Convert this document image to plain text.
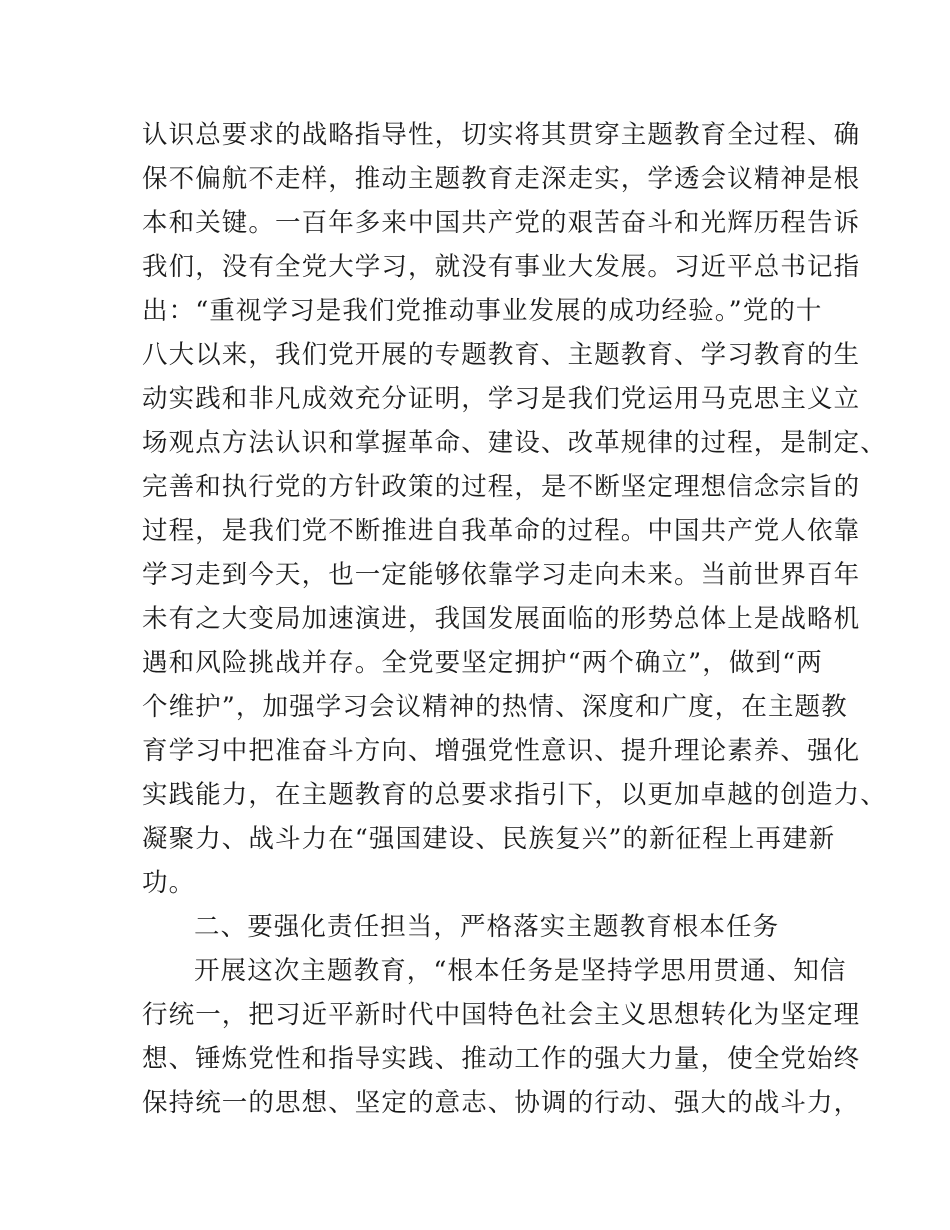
认识总要求的战略指导性，切实将其贯穿主题教育全过程、确
保不偏航不走样，推动主题教育走深走实，学透会议精神是根
本和关键。一百年多来中国共产党的艰苦奋斗和光辉历程告诉
我们，没有全党大学习，就没有事业大发展。习近平总书记指
出：“重视学习是我们党推动事业发展的成功经验。”党的十
八大以来，我们党开展的专题教育、主题教育、学习教育的生
动实践和非凡成效充分证明，学习是我们党运用马克思主义立
场观点方法认识和掌握革命、建设、改革规律的过程，是制定、
完善和执行党的方针政策的过程，是不断坚定理想信念宗旨的
过程，是我们党不断推进自我革命的过程。中国共产党人依靠
学习走到今天，也一定能够依靠学习走向未来。当前世界百年
未有之大变局加速演进，我国发展面临的形势总体上是战略机
遇和风险挑战并存。全党要坚定拥护“两个确立”，做到“两
个维护”，加强学习会议精神的热情、深度和广度，在主题教
育学习中把准奋斗方向、增强党性意识、提升理论素养、强化
实践能力，在主题教育的总要求指引下，以更加卓越的创造力、
凝聚力、战斗力在“强国建设、民族复兴”的新征程上再建新
功。
二、要强化责任担当，严格落实主题教育根本任务
开展这次主题教育，“根本任务是坚持学思用贯通、知信
行统一，把习近平新时代中国特色社会主义思想转化为坚定理
想、锤炼党性和指导实践、推动工作的强大力量，使全党始终
保持统一的思想、坚定的意志、协调的行动、强大的战斗力，
